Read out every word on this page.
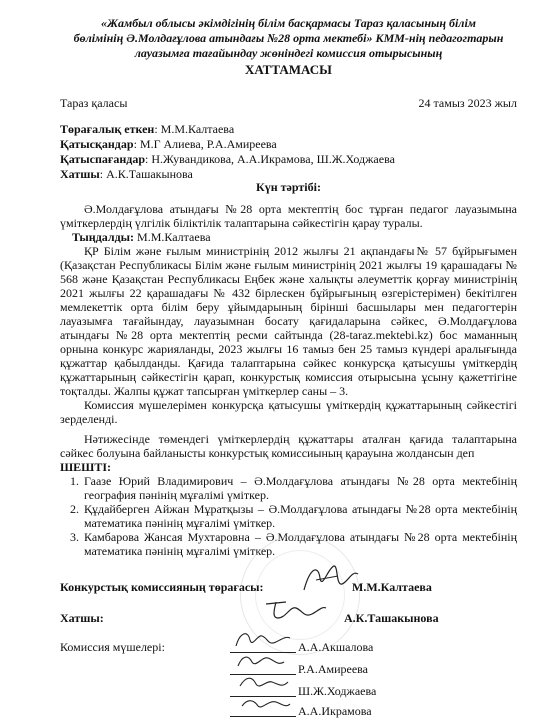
«Жамбыл облысы әкімдігінің білім басқармасы Тараз қаласының білім
бөлімінің Ә.Молдағұлова атындағы №28 орта мектебі» КММ-нің педагогтарын
лауазымға тағайындау жөніндегі комиссия отырысының
ХАТТАМАСЫ
Тараз қаласы	24 тамыз 2023 жыл
Төрағалық еткен: М.М.Калтаева
Қатысқандар: М.Г Алиева, Р.А.Амиреева
Қатыспағандар: Н.Жувандикова, А.А.Икрамова, Ш.Ж.Ходжаева
Хатшы: А.К.Ташакынова
Күн тәртібі:

Ә.Молдағұлова атындағы №28 орта мектептің бос тұрған педагог лауазымына үміткерлердің үлгілік біліктілік талаптарына сәйкестігін қарау туралы.

Тыңдалды: М.М.Калтаева

ҚР Білім және ғылым министрінің 2012 жылғы 21 ақпандағы№ 57 бұйрығымен (Қазақстан Республикасы Білім және ғылым министрінің 2021 жылғы 19 қарашадағы № 568 және Қазақстан Республикасы Еңбек және халықты әлеуметтік қорғау министрінің 2021 жылғы 22 қарашадағы № 432 бірлескен бұйрығының өзгерістерімен) бекітілген мемлекеттік орта білім беру ұйымдарының бірінші басшылары мен педагогтерін лауазымға тағайындау, лауазымнан босату қағидаларына сәйкес, Ә.Молдағұлова атындағы №28 орта мектептің ресми сайтында (28-taraz.mektebi.kz) бос маманның орнына конкурс жарияланды, 2023 жылғы 16 тамыз бен 25 тамыз күндері аралығында құжаттар қабылданды. Қағида талаптарына сәйкес конкурсқа қатысушы үміткердің құжаттарының сәйкестігін қарап, конкурстық комиссия отырысына ұсыну қажеттігіне тоқталды. Жалпы құжат тапсырған үміткерлер саны – 3.

Комиссия мүшелерімен конкурсқа қатысушы үміткердің құжаттарының сәйкестігі зерделенді.

Нәтижесінде төмендегі үміткерлердің құжаттары аталған қағида талаптарына сәйкес болуына байланысты конкурстық комиссиының қарауына жолдансын деп

ШЕШТІ:
1. Гаазе Юрий Владимирович – Ә.Молдағұлова атындағы №28 орта мектебінің география пәнінің мұғалімі үміткер.
2. Құдайберген Айжан Мұратқызы – Ә.Молдағұлова атындағы №28 орта мектебінің математика пәнінің мұғалімі үміткер.
3. Камбарова Жансая Мухтаровна – Ә.Молдағұлова атындағы №28 орта мектебінің математика пәнінің мұғалімі үміткер.
Конкурстық комиссияның төрағасы:	М.М.Калтаева
Хатшы:	А.К.Ташакынова
Комиссия мүшелері:	А.А.Акшалова
Р.А.Амиреева
Ш.Ж.Ходжаева
А.А.Икрамова
